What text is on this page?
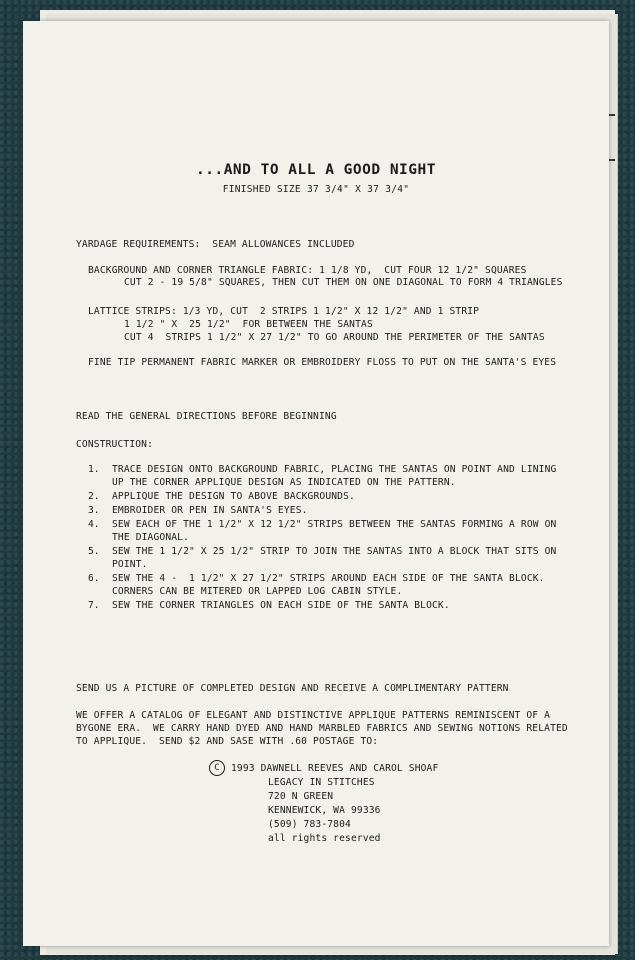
...AND TO ALL A GOOD NIGHT
FINISHED SIZE 37 3/4" X 37 3/4"
YARDAGE REQUIREMENTS:  SEAM ALLOWANCES INCLUDED
BACKGROUND AND CORNER TRIANGLE FABRIC: 1 1/8 YD,  CUT FOUR 12 1/2" SQUARES
CUT 2 - 19 5/8" SQUARES, THEN CUT THEM ON ONE DIAGONAL TO FORM 4 TRIANGLES
LATTICE STRIPS: 1/3 YD, CUT  2 STRIPS 1 1/2" X 12 1/2" AND 1 STRIP
1 1/2 " X  25 1/2"  FOR BETWEEN THE SANTAS
CUT 4  STRIPS 1 1/2" X 27 1/2" TO GO AROUND THE PERIMETER OF THE SANTAS
FINE TIP PERMANENT FABRIC MARKER OR EMBROIDERY FLOSS TO PUT ON THE SANTA'S EYES
READ THE GENERAL DIRECTIONS BEFORE BEGINNING
CONSTRUCTION:
1. TRACE DESIGN ONTO BACKGROUND FABRIC, PLACING THE SANTAS ON POINT AND LINING
UP THE CORNER APPLIQUE DESIGN AS INDICATED ON THE PATTERN.
2. APPLIQUE THE DESIGN TO ABOVE BACKGROUNDS.
3. EMBROIDER OR PEN IN SANTA'S EYES.
4. SEW EACH OF THE 1 1/2" X 12 1/2" STRIPS BETWEEN THE SANTAS FORMING A ROW ON
THE DIAGONAL.
5. SEW THE 1 1/2" X 25 1/2" STRIP TO JOIN THE SANTAS INTO A BLOCK THAT SITS ON
POINT.
6. SEW THE 4 -  1 1/2" X 27 1/2" STRIPS AROUND EACH SIDE OF THE SANTA BLOCK.
CORNERS CAN BE MITERED OR LAPPED LOG CABIN STYLE.
7. SEW THE CORNER TRIANGLES ON EACH SIDE OF THE SANTA BLOCK.
SEND US A PICTURE OF COMPLETED DESIGN AND RECEIVE A COMPLIMENTARY PATTERN
WE OFFER A CATALOG OF ELEGANT AND DISTINCTIVE APPLIQUE PATTERNS REMINISCENT OF A
BYGONE ERA.  WE CARRY HAND DYED AND HAND MARBLED FABRICS AND SEWING NOTIONS RELATED
TO APPLIQUE.  SEND $2 AND SASE WITH .60 POSTAGE TO:
C	1993 DAWNELL REEVES AND CAROL SHOAF
LEGACY IN STITCHES
720 N GREEN
KENNEWICK, WA 99336
(509) 783-7804
all rights reserved
